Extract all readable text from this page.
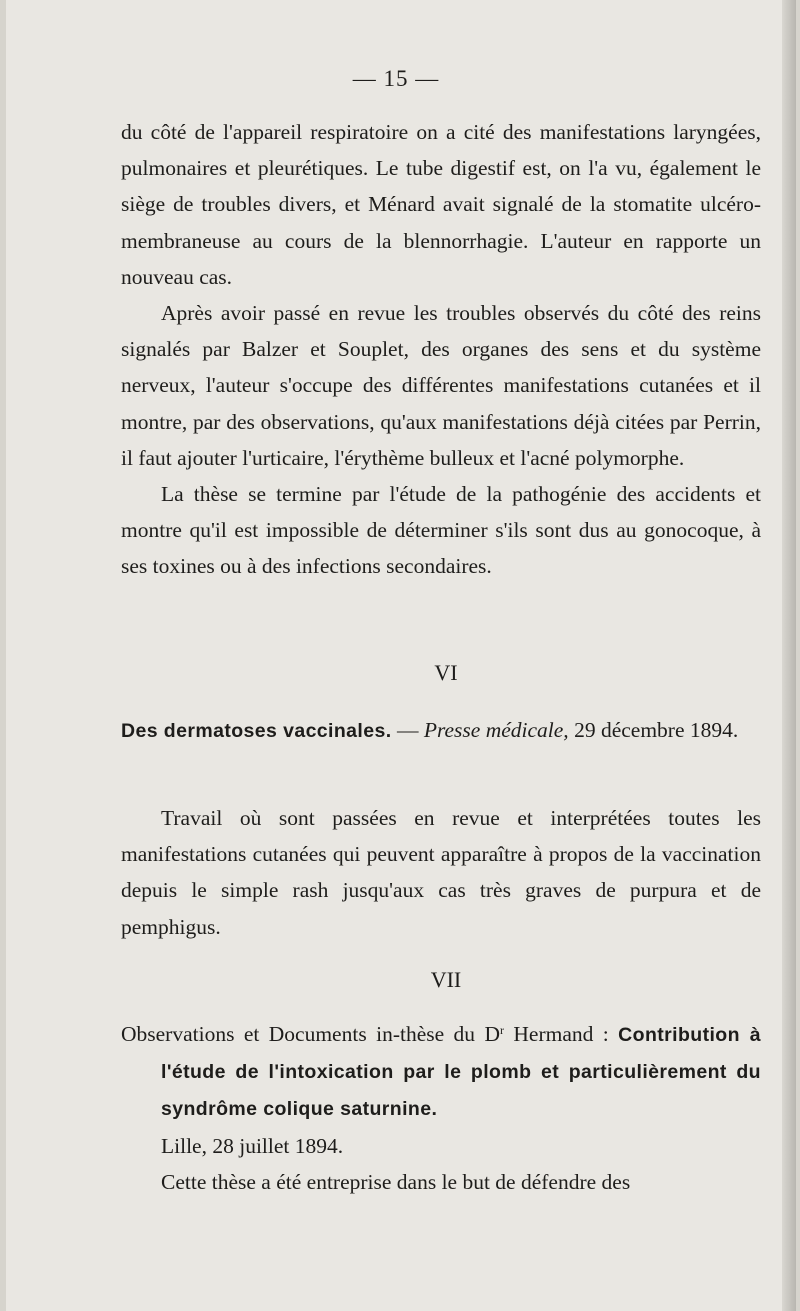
— 15 —

du côté de l'appareil respiratoire on a cité des manifestations laryngées, pulmonaires et pleurétiques. Le tube digestif est, on l'a vu, également le siège de troubles divers, et Ménard avait signalé de la stomatite ulcéro-membraneuse au cours de la blennorrhagie. L'auteur en rapporte un nouveau cas.

Après avoir passé en revue les troubles observés du côté des reins signalés par Balzer et Souplet, des organes des sens et du système nerveux, l'auteur s'occupe des différentes manifestations cutanées et il montre, par des observations, qu'aux manifestations déjà citées par Perrin, il faut ajouter l'urticaire, l'érythème bulleux et l'acné polymorphe.

La thèse se termine par l'étude de la pathogénie des accidents et montre qu'il est impossible de déterminer s'ils sont dus au gonocoque, à ses toxines ou à des infections secondaires.

VI

Des dermatoses vaccinales. — Presse médicale, 29 décembre 1894.

Travail où sont passées en revue et interprétées toutes les manifestations cutanées qui peuvent apparaître à propos de la vaccination depuis le simple rash jusqu'aux cas très graves de purpura et de pemphigus.

VII

Observations et Documents in-thèse du $D^r$ Hermand : Contribution à l'étude de l'intoxication par le plomb et particulièrement du syndrôme colique saturnine.

Lille, 28 juillet 1894.

Cette thèse a été entreprise dans le but de défendre des
